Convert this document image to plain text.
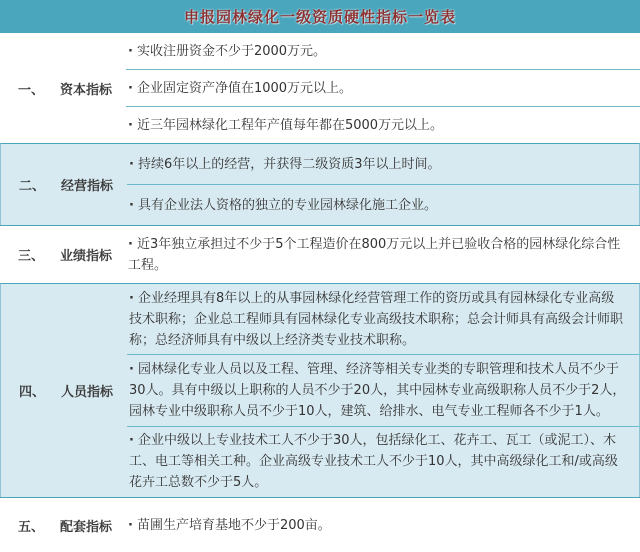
申报园林绿化一级资质硬性指标一览表
一、	资本指标
· 实收注册资金不少于2000万元。
· 企业固定资产净值在1000万元以上。
· 近三年园林绿化工程年产值每年都在5000万元以上。
二、	经营指标
· 持续6年以上的经营，并获得二级资质3年以上时间。
· 具有企业法人资格的独立的专业园林绿化施工企业。
三、	业绩指标
· 近3年独立承担过不少于5个工程造价在800万元以上并已验收合格的园林绿化综合性工程。
四、	人员指标
· 企业经理具有8年以上的从事园林绿化经营管理工作的资历或具有园林绿化专业高级技术职称；企业总工程师具有园林绿化专业高级技术职称；总会计师具有高级会计师职称；总经济师具有中级以上经济类专业技术职称。
· 园林绿化专业人员以及工程、管理、经济等相关专业类的专职管理和技术人员不少于30人。具有中级以上职称的人员不少于20人，其中园林专业高级职称人员不少于2人，园林专业中级职称人员不少于10人，建筑、给排水、电气专业工程师各不少于1人。
· 企业中级以上专业技术工人不少于30人，包括绿化工、花卉工、瓦工（或泥工）、木工、电工等相关工种。企业高级专业技术工人不少于10人，其中高级绿化工和/或高级花卉工总数不少于5人。
五、	配套指标	· 苗圃生产培育基地不少于200亩。
